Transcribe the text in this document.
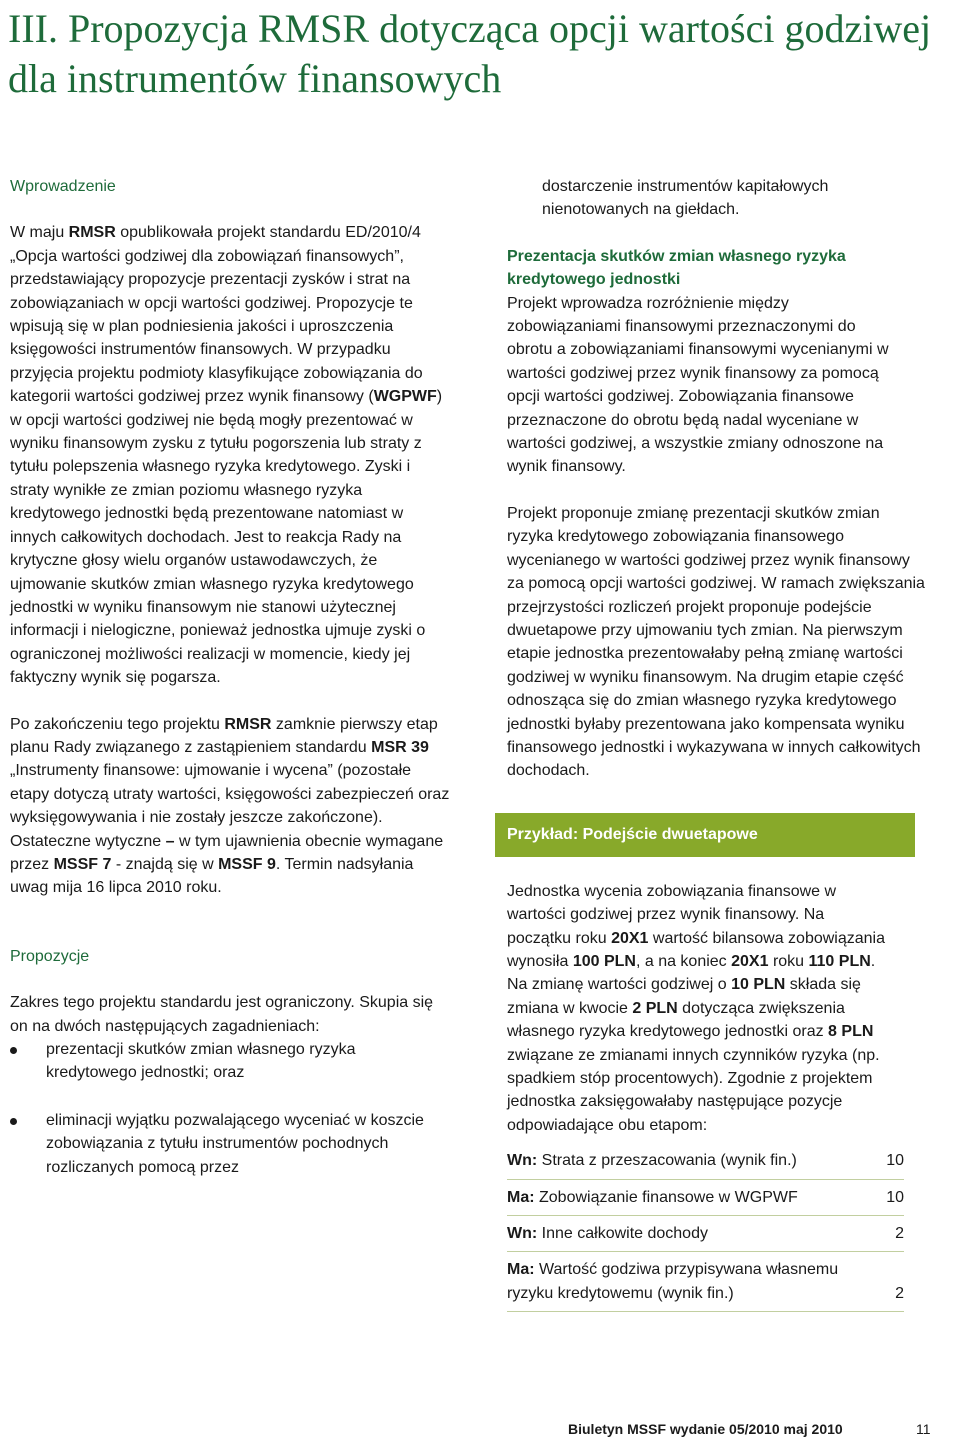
III. Propozycja RMSR dotycząca opcji wartości godziwej dla instrumentów finansowych
Wprowadzenie

W maju RMSR opublikowała projekt standardu ED/2010/4 „Opcja wartości godziwej dla zobowiązań finansowych”, przedstawiający propozycje prezentacji zysków i strat na zobowiązaniach w opcji wartości godziwej. Propozycje te wpisują się w plan podniesienia jakości i uproszczenia księgowości instrumentów finansowych. W przypadku przyjęcia projektu podmioty klasyfikujące zobowiązania do kategorii wartości godziwej przez wynik finansowy (WGPWF) w opcji wartości godziwej nie będą mogły prezentować w wyniku finansowym zysku z tytułu pogorszenia lub straty z tytułu polepszenia własnego ryzyka kredytowego. Zyski i straty wynikłe ze zmian poziomu własnego ryzyka kredytowego jednostki będą prezentowane natomiast w innych całkowitych dochodach. Jest to reakcja Rady na krytyczne głosy wielu organów ustawodawczych, że ujmowanie skutków zmian własnego ryzyka kredytowego jednostki w wyniku finansowym nie stanowi użytecznej informacji i nielogiczne, ponieważ jednostka ujmuje zyski o ograniczonej możliwości realizacji w momencie, kiedy jej faktyczny wynik się pogarsza.

Po zakończeniu tego projektu RMSR zamknie pierwszy etap planu Rady związanego z zastąpieniem standardu MSR 39 „Instrumenty finansowe: ujmowanie i wycena” (pozostałe etapy dotyczą utraty wartości, księgowości zabezpieczeń oraz wyksięgowywania i nie zostały jeszcze zakończone). Ostateczne wytyczne – w tym ujawnienia obecnie wymagane przez MSSF 7 - znajdą się w MSSF 9. Termin nadsyłania uwag mija 16 lipca 2010 roku.

Propozycje

Zakres tego projektu standardu jest ograniczony. Skupia się on na dwóch następujących zagadnieniach:

prezentacji skutków zmian własnego ryzyka kredytowego jednostki; oraz
eliminacji wyjątku pozwalającego wyceniać w koszcie zobowiązania z tytułu instrumentów pochodnych rozliczanych pomocą przez

dostarczenie instrumentów kapitałowych nienotowanych na giełdach.

Prezentacja skutków zmian własnego ryzyka kredytowego jednostki

Projekt wprowadza rozróżnienie między zobowiązaniami finansowymi przeznaczonymi do obrotu a zobowiązaniami finansowymi wycenianymi w wartości godziwej przez wynik finansowy za pomocą opcji wartości godziwej. Zobowiązania finansowe przeznaczone do obrotu będą nadal wyceniane w wartości godziwej, a wszystkie zmiany odnoszone na wynik finansowy.

Projekt proponuje zmianę prezentacji skutków zmian ryzyka kredytowego zobowiązania finansowego wycenianego w wartości godziwej przez wynik finansowy za pomocą opcji wartości godziwej. W ramach zwiększania przejrzystości rozliczeń projekt proponuje podejście dwuetapowe przy ujmowaniu tych zmian. Na pierwszym etapie jednostka prezentowałaby pełną zmianę wartości godziwej w wyniku finansowym. Na drugim etapie część odnosząca się do zmian własnego ryzyka kredytowego jednostki byłaby prezentowana jako kompensata wyniku finansowego jednostki i wykazywana w innych całkowitych dochodach.

Przykład: Podejście dwuetapowe

Jednostka wycenia zobowiązania finansowe w wartości godziwej przez wynik finansowy. Na początku roku 20X1 wartość bilansowa zobowiązania wynosiła 100 PLN, a na koniec 20X1 roku 110 PLN. Na zmianę wartości godziwej o 10 PLN składa się zmiana w kwocie 2 PLN dotycząca zwiększenia własnego ryzyka kredytowego jednostki oraz 8 PLN związane ze zmianami innych czynników ryzyka (np. spadkiem stóp procentowych). Zgodnie z projektem jednostka zaksięgowałaby następujące pozycje odpowiadające obu etapom:

Wn: Strata z przeszacowania (wynik fin.)	10
Ma: Zobowiązanie finansowe w WGPWF	10
Wn: Inne całkowite dochody	2
Ma: Wartość godziwa przypisywana własnemu ryzyku kredytowemu (wynik fin.)	2
Biuletyn MSSF wydanie 05/2010 maj 2010	11
